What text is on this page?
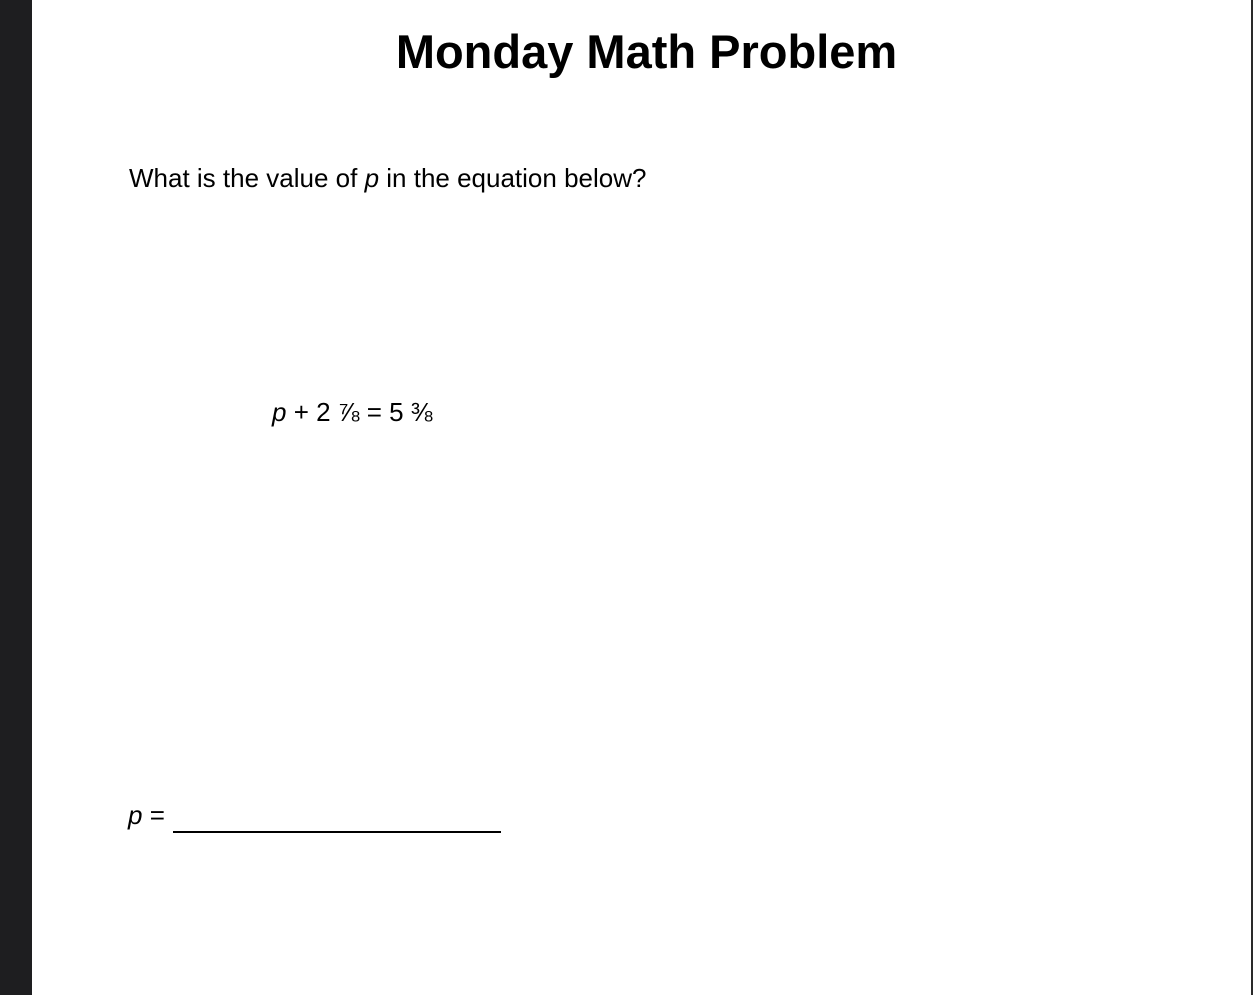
Monday Math Problem
What is the value of p in the equation below?
p + 2 ⅞ = 5 ⅜
p =
